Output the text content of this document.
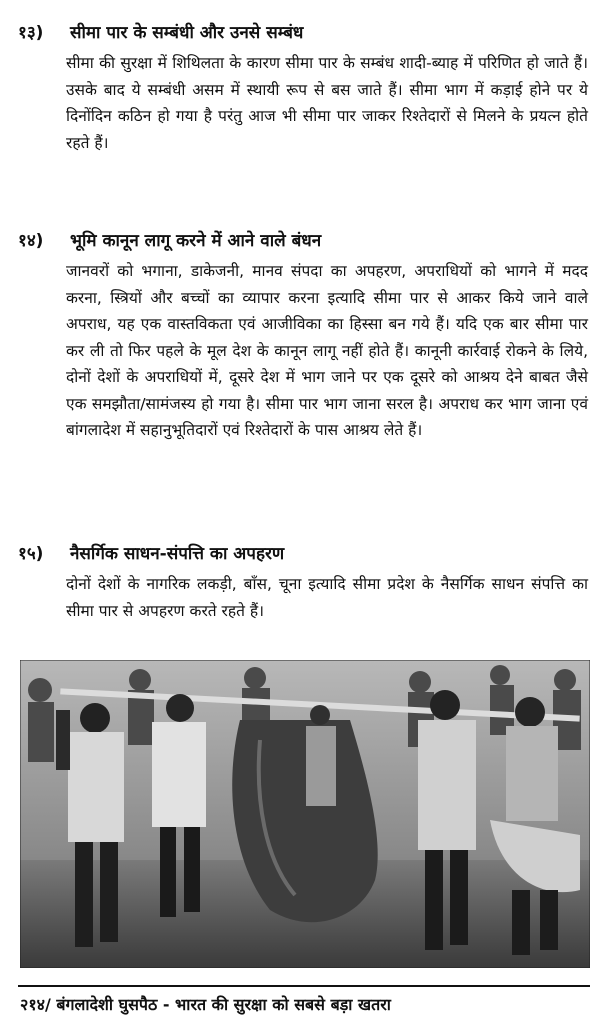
१३)	सीमा पार के सम्बंधी और उनसे सम्बंध
सीमा की सुरक्षा में शिथिलता के कारण सीमा पार के सम्बंध शादी-ब्याह में परिणित हो जाते हैं। उसके बाद ये सम्बंधी असम में स्थायी रूप से बस जाते हैं। सीमा भाग में कड़ाई होने पर ये दिनोंदिन कठिन हो गया है परंतु आज भी सीमा पार जाकर रिश्तेदारों से मिलने के प्रयत्न होते रहते हैं।
१४)	भूमि कानून लागू करने में आने वाले बंधन
जानवरों को भगाना, डाकेजनी, मानव संपदा का अपहरण, अपराधियों को भागने में मदद करना, स्त्रियों और बच्चों का व्यापार करना इत्यादि सीमा पार से आकर किये जाने वाले अपराध, यह एक वास्तविकता एवं आजीविका का हिस्सा बन गये हैं। यदि एक बार सीमा पार कर ली तो फिर पहले के मूल देश के कानून लागू नहीं होते हैं। कानूनी कार्रवाई रोकने के लिये, दोनों देशों के अपराधियों में, दूसरे देश में भाग जाने पर एक दूसरे को आश्रय देने बाबत जैसे एक समझौता/सामंजस्य हो गया है। सीमा पार भाग जाना सरल है। अपराध कर भाग जाना एवं बांगलादेश में सहानुभूतिदारों एवं रिश्तेदारों के पास आश्रय लेते हैं।
१५)	नैसर्गिक साधन-संपत्ति का अपहरण
दोनों देशों के नागरिक लकड़ी, बाँस, चूना इत्यादि सीमा प्रदेश के नैसर्गिक साधन संपत्ति का सीमा पार से अपहरण करते रहते हैं।
२१४/ बंगलादेशी घुसपैठ - भारत की सुरक्षा को सबसे बड़ा खतरा
